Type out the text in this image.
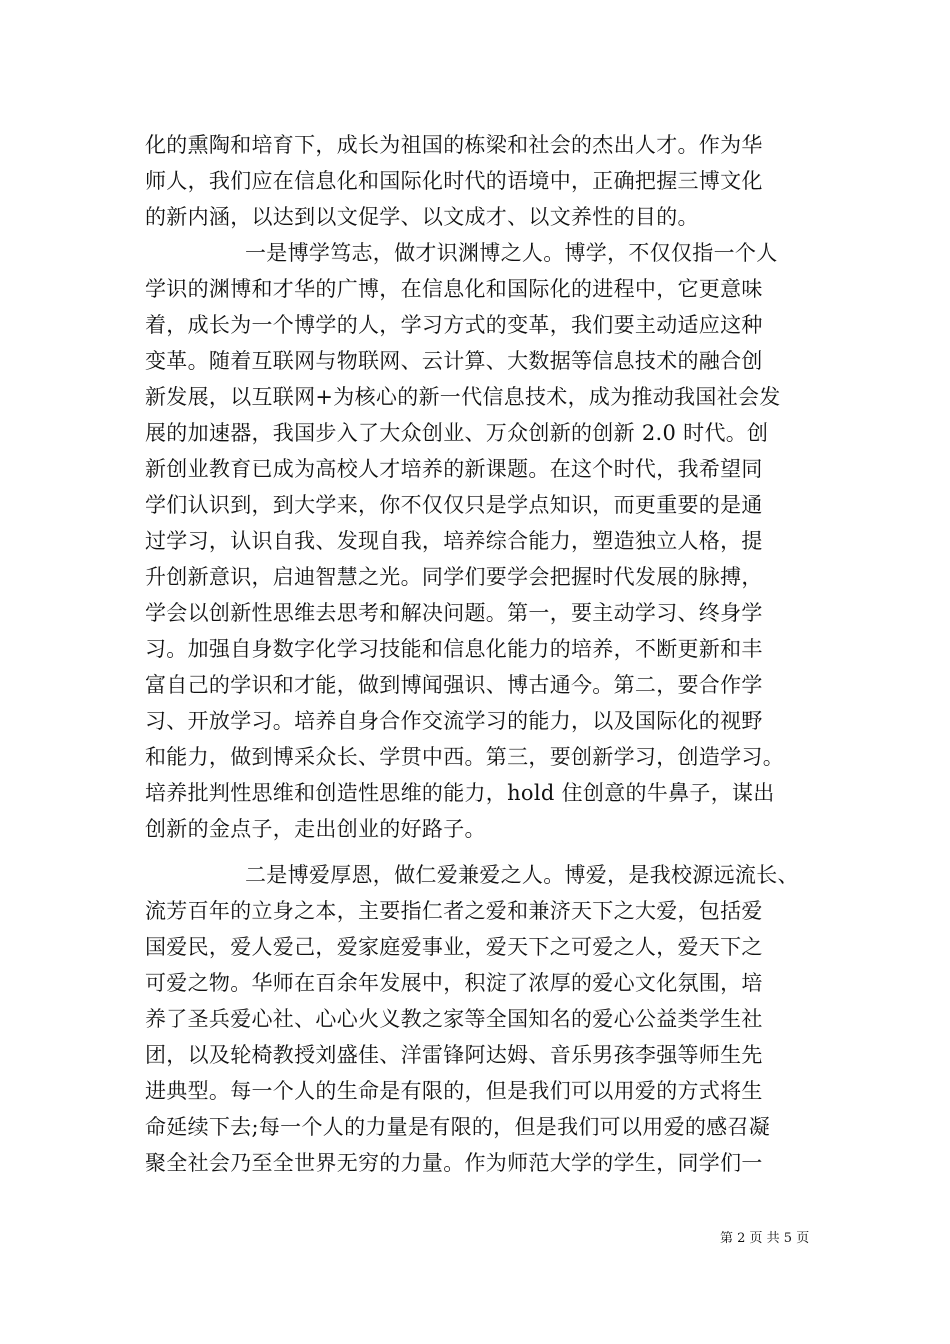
化的熏陶和培育下，成长为祖国的栋梁和社会的杰出人才。作为华
师人，我们应在信息化和国际化时代的语境中，正确把握三博文化
的新内涵，以达到以文促学、以文成才、以文养性的目的。
一是博学笃志，做才识渊博之人。博学，不仅仅指一个人
学识的渊博和才华的广博，在信息化和国际化的进程中，它更意味
着，成长为一个博学的人，学习方式的变革，我们要主动适应这种
变革。随着互联网与物联网、云计算、大数据等信息技术的融合创
新发展，以互联网+为核心的新一代信息技术，成为推动我国社会发
展的加速器，我国步入了大众创业、万众创新的创新 2.0 时代。创
新创业教育已成为高校人才培养的新课题。在这个时代，我希望同
学们认识到，到大学来，你不仅仅只是学点知识，而更重要的是通
过学习，认识自我、发现自我，培养综合能力，塑造独立人格，提
升创新意识，启迪智慧之光。同学们要学会把握时代发展的脉搏，
学会以创新性思维去思考和解决问题。第一，要主动学习、终身学
习。加强自身数字化学习技能和信息化能力的培养，不断更新和丰
富自己的学识和才能，做到博闻强识、博古通今。第二，要合作学
习、开放学习。培养自身合作交流学习的能力，以及国际化的视野
和能力，做到博采众长、学贯中西。第三，要创新学习，创造学习。
培养批判性思维和创造性思维的能力，hold 住创意的牛鼻子，谋出
创新的金点子，走出创业的好路子。
二是博爱厚恩，做仁爱兼爱之人。博爱，是我校源远流长、
流芳百年的立身之本，主要指仁者之爱和兼济天下之大爱，包括爱
国爱民，爱人爱己，爱家庭爱事业，爱天下之可爱之人，爱天下之
可爱之物。华师在百余年发展中，积淀了浓厚的爱心文化氛围，培
养了圣兵爱心社、心心火义教之家等全国知名的爱心公益类学生社
团，以及轮椅教授刘盛佳、洋雷锋阿达姆、音乐男孩李强等师生先
进典型。每一个人的生命是有限的，但是我们可以用爱的方式将生
命延续下去;每一个人的力量是有限的，但是我们可以用爱的感召凝
聚全社会乃至全世界无穷的力量。作为师范大学的学生，同学们一
第 2 页 共 5 页
